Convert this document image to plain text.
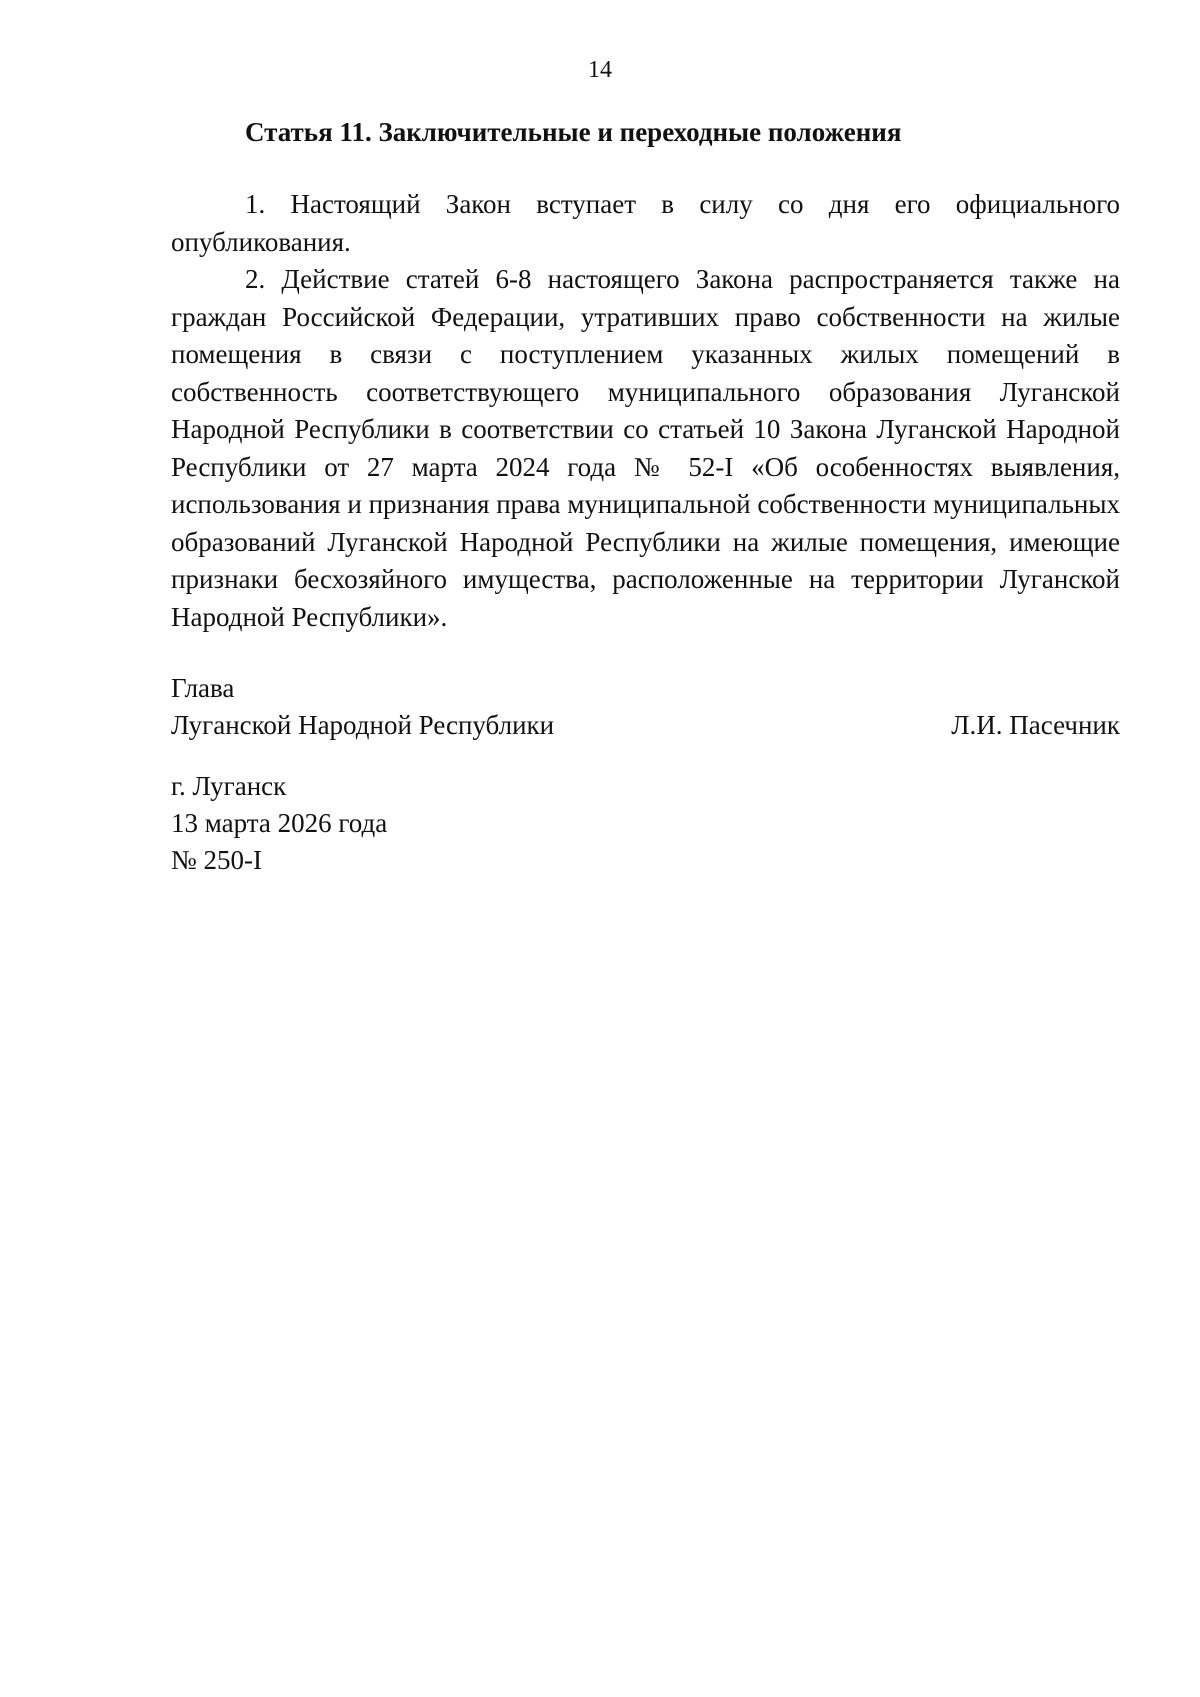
14
Статья 11. Заключительные и переходные положения

1. Настоящий Закон вступает в силу со дня его официального опубликования.

2. Действие статей 6-8 настоящего Закона распространяется также на граждан Российской Федерации, утративших право собственности на жилые помещения в связи с поступлением указанных жилых помещений в собственность соответствующего муниципального образования Луганской Народной Республики в соответствии со статьей 10 Закона Луганской Народной Республики от 27 марта 2024 года № 52-I «Об особенностях выявления, использования и признания права муниципальной собственности муниципальных образований Луганской Народной Республики на жилые помещения, имеющие признаки бесхозяйного имущества, расположенные на территории Луганской Народной Республики».

Глава
Луганской Народной Республики	Л.И. Пасечник
г. Луганск
13 марта 2026 года
№ 250-I
